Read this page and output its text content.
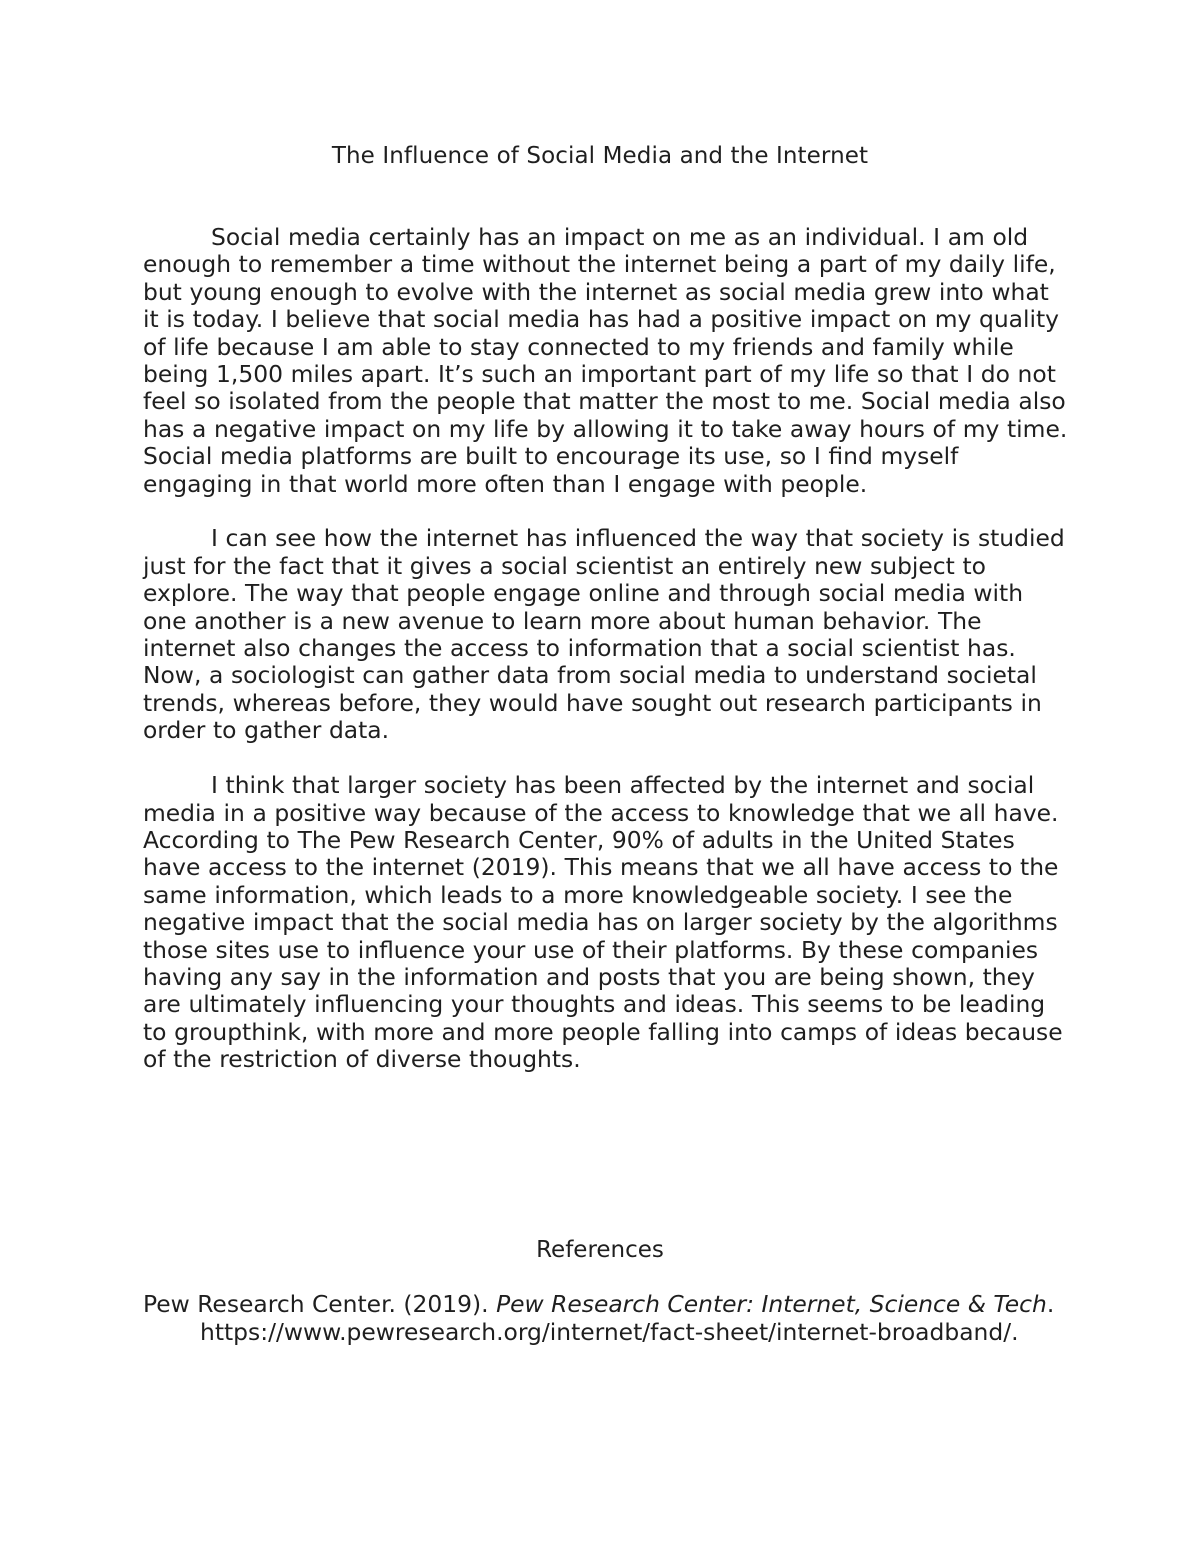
The Influence of Social Media and the Internet

Social media certainly has an impact on me as an individual. I am old enough to remember a time without the internet being a part of my daily life, but young enough to evolve with the internet as social media grew into what it is today. I believe that social media has had a positive impact on my quality of life because I am able to stay connected to my friends and family while being 1,500 miles apart. It’s such an important part of my life so that I do not feel so isolated from the people that matter the most to me. Social media also has a negative impact on my life by allowing it to take away hours of my time. Social media platforms are built to encourage its use, so I find myself engaging in that world more often than I engage with people.

I can see how the internet has influenced the way that society is studied just for the fact that it gives a social scientist an entirely new subject to explore. The way that people engage online and through social media with one another is a new avenue to learn more about human behavior. The internet also changes the access to information that a social scientist has. Now, a sociologist can gather data from social media to understand societal trends, whereas before, they would have sought out research participants in order to gather data.

I think that larger society has been affected by the internet and social media in a positive way because of the access to knowledge that we all have. According to The Pew Research Center, 90% of adults in the United States have access to the internet (2019). This means that we all have access to the same information, which leads to a more knowledgeable society. I see the negative impact that the social media has on larger society by the algorithms those sites use to influence your use of their platforms. By these companies having any say in the information and posts that you are being shown, they are ultimately influencing your thoughts and ideas. This seems to be leading to groupthink, with more and more people falling into camps of ideas because of the restriction of diverse thoughts.

References
Pew Research Center. (2019). Pew Research Center: Internet, Science & Tech. https://www.pewresearch.org/internet/fact-sheet/internet-broadband/.
